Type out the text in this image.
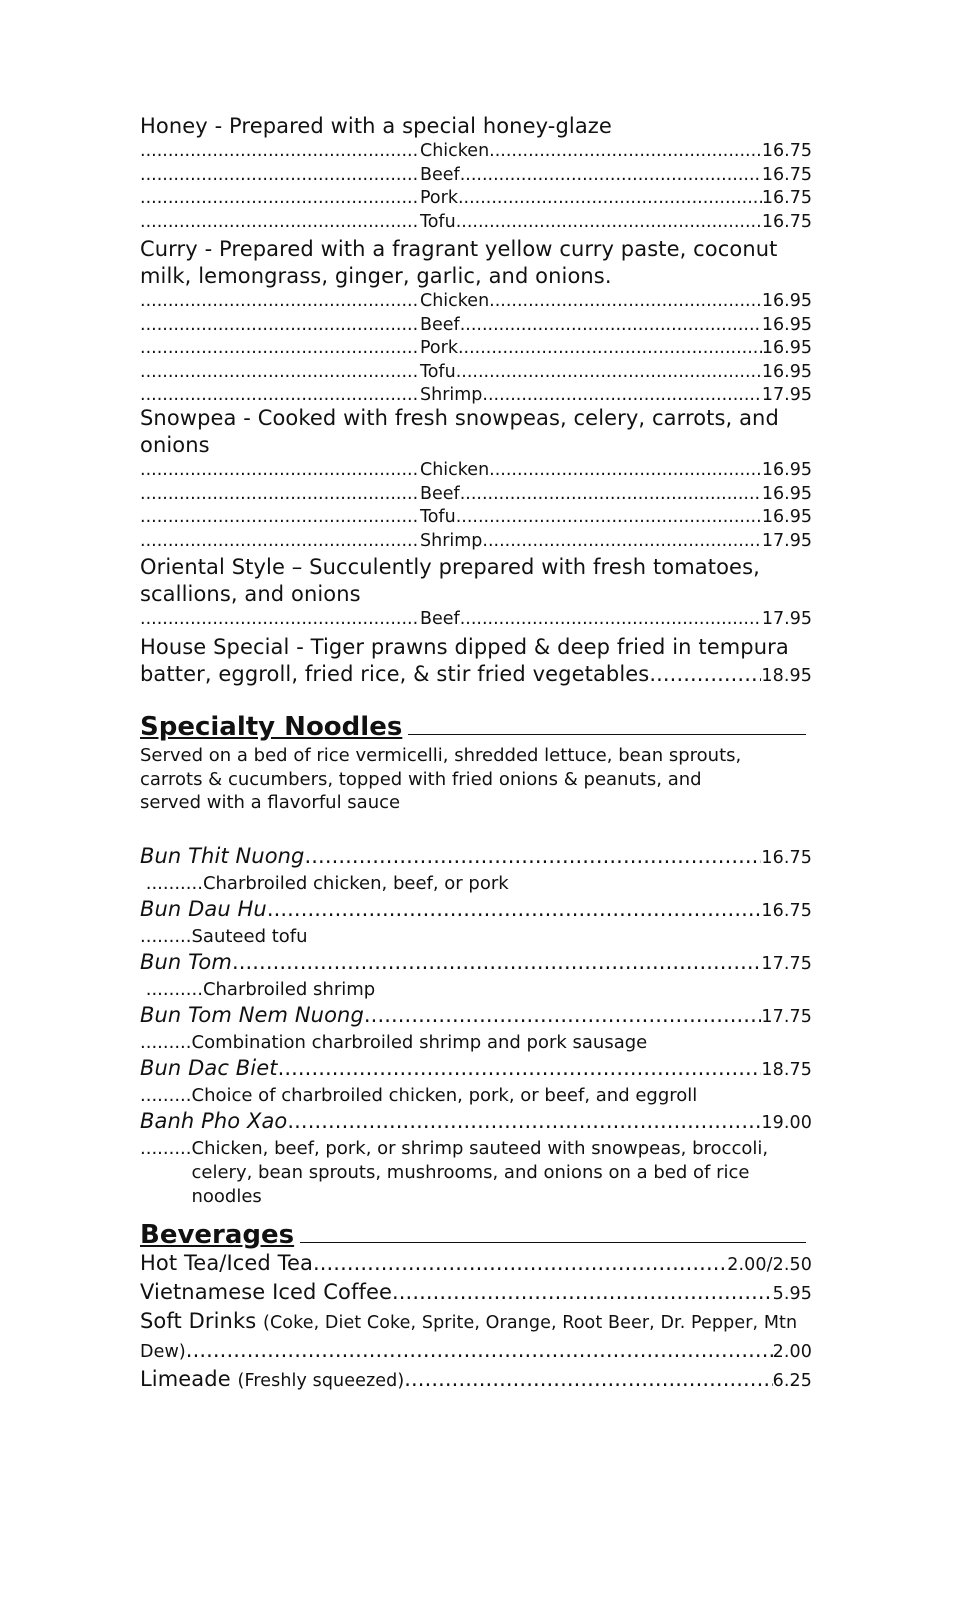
Honey - Prepared with a special honey-glaze
.....
Chicken .....	16.75
.....
Beef .....	16.75
.....
Pork .....	16.75
.....
Tofu .....	16.75
Curry - Prepared with a fragrant yellow curry paste, coconut milk, lemongrass, ginger, garlic, and onions.
.....
Chicken .....	16.95
.....
Beef .....	16.95
.....
Pork .....	16.95
.....
Tofu .....	16.95
.....
Shrimp .....	17.95
Snowpea - Cooked with fresh snowpeas, celery, carrots, and onions
.....
Chicken .....	16.95
.....
Beef .....	16.95
.....
Tofu .....	16.95
.....
Shrimp .....	17.95
Oriental Style – Succulently prepared with fresh tomatoes, scallions, and onions
.....
Beef .....	17.95
House Special - Tiger prawns dipped & deep fried in tempura
batter, eggroll, fried rice, & stir fried vegetables .....	18.95
Specialty Noodles
Served on a bed of rice vermicelli, shredded lettuce, bean sprouts, carrots & cucumbers, topped with fried onions & peanuts, and served with a flavorful sauce
Bun Thit Nuong .....	16.75
.......... Charbroiled chicken, beef, or pork
Bun Dau Hu .....	16.75
......... Sauteed tofu
Bun Tom .....	17.75
.......... Charbroiled shrimp
Bun Tom Nem Nuong .....	17.75
......... Combination charbroiled shrimp and pork sausage
Bun Dac Biet .....	18.75
......... Choice of charbroiled chicken, pork, or beef, and eggroll
Banh Pho Xao .....	19.00
......... Chicken, beef, pork, or shrimp sauteed with snowpeas, broccoli, celery, bean sprouts, mushrooms, and onions on a bed of rice noodles
Beverages
Hot Tea/Iced Tea .....	2.00/2.50
Vietnamese Iced Coffee .....	5.95
Soft Drinks (Coke, Diet Coke, Sprite, Orange, Root Beer, Dr. Pepper, Mtn
Dew) .....	2.00
Limeade
(Freshly squeezed) .....	6.25
